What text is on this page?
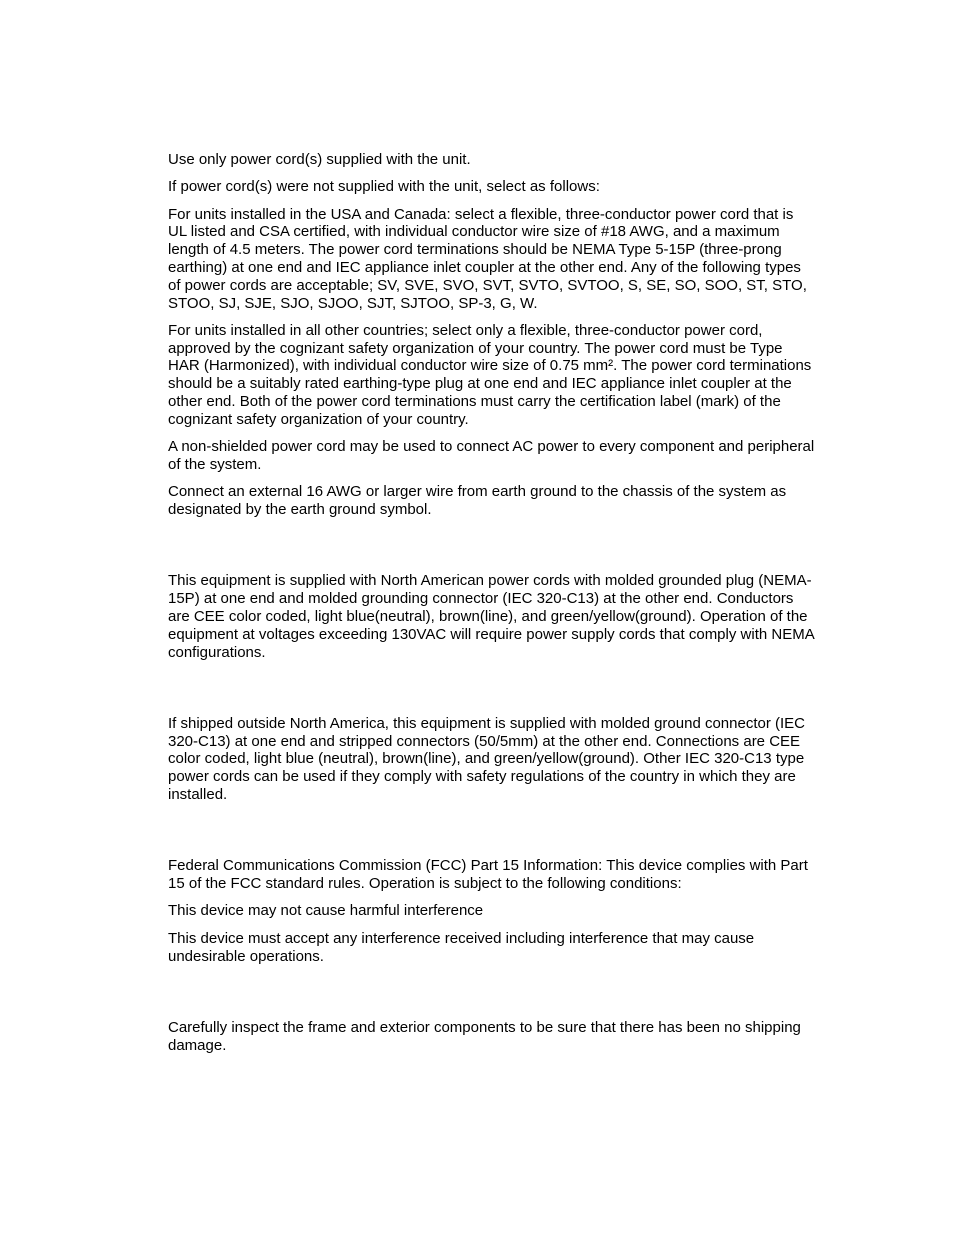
Use only power cord(s) supplied with the unit.

If power cord(s) were not supplied with the unit, select as follows:

For units installed in the USA and Canada: select a flexible, three-conductor power cord that is
UL listed and CSA certified, with individual conductor wire size of #18 AWG, and a maximum
length of 4.5 meters. The power cord terminations should be NEMA Type 5-15P (three-prong
earthing) at one end and IEC appliance inlet coupler at the other end. Any of the following types
of power cords are acceptable; SV, SVE, SVO, SVT, SVTO, SVTOO, S, SE, SO, SOO, ST, STO,
STOO, SJ, SJE, SJO, SJOO, SJT, SJTOO, SP-3, G, W.

For units installed in all other countries; select only a flexible, three-conductor power cord,
approved by the cognizant safety organization of your country. The power cord must be Type
HAR (Harmonized), with individual conductor wire size of 0.75 mm². The power cord terminations
should be a suitably rated earthing-type plug at one end and IEC appliance inlet coupler at the
other end. Both of the power cord terminations must carry the certification label (mark) of the
cognizant safety organization of your country.

A non-shielded power cord may be used to connect AC power to every component and peripheral
of the system.

Connect an external 16 AWG or larger wire from earth ground to the chassis of the system as
designated by the earth ground symbol.

This equipment is supplied with North American power cords with molded grounded plug (NEMA-
15P) at one end and molded grounding connector (IEC 320-C13) at the other end. Conductors
are CEE color coded, light blue(neutral), brown(line), and green/yellow(ground). Operation of the
equipment at voltages exceeding 130VAC will require power supply cords that comply with NEMA
configurations.

If shipped outside North America, this equipment is supplied with molded ground connector (IEC
320-C13) at one end and stripped connectors (50/5mm) at the other end. Connections are CEE
color coded, light blue (neutral), brown(line), and green/yellow(ground). Other IEC 320-C13 type
power cords can be used if they comply with safety regulations of the country in which they are
installed.

Federal Communications Commission (FCC) Part 15 Information: This device complies with Part
15 of the FCC standard rules. Operation is subject to the following conditions:

This device may not cause harmful interference

This device must accept any interference received including interference that may cause
undesirable operations.

Carefully inspect the frame and exterior components to be sure that there has been no shipping
damage.
